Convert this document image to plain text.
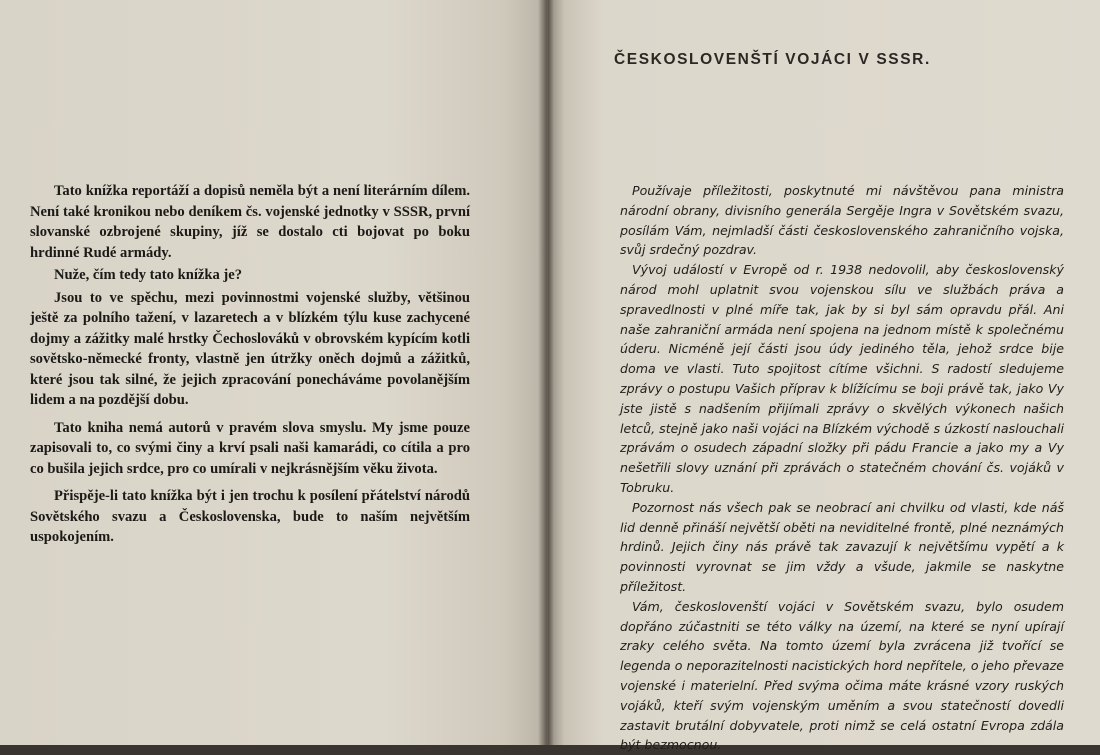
Tato knížka reportáží a dopisů neměla být a není literárním dílem. Není také kronikou nebo deníkem čs. vojenské jednotky v SSSR, první slovanské ozbrojené skupiny, jíž se dostalo cti bojovat po boku hrdinné Rudé armády.

Nuže, čím tedy tato knížka je?

Jsou to ve spěchu, mezi povinnostmi vojenské služby, většinou ještě za polního tažení, v lazaretech a v blízkém týlu kuse zachycené dojmy a zážitky malé hrstky Čechoslováků v obrovském kypícím kotli sovětsko-německé fronty, vlastně jen útržky oněch dojmů a zážitků, které jsou tak silné, že jejich zpracování ponecháváme povolanějším lidem a na pozdější dobu.

Tato kniha nemá autorů v pravém slova smyslu. My jsme pouze zapisovali to, co svými činy a krví psali naši kamarádi, co cítila a pro co bušila jejich srdce, pro co umírali v nejkrásnějším věku života.

Přispěje-li tato knížka být i jen trochu k posílení přátelství národů Sovětského svazu a Československa, bude to naším největším uspokojením.

ČESKOSLOVENŠTÍ VOJÁCI V SSSR.

Používaje příležitosti, poskytnuté mi návštěvou pana ministra národní obrany, divisního generála Sergěje Ingra v Sovětském svazu, posílám Vám, nejmladší části československého zahraničního vojska, svůj srdečný pozdrav.

Vývoj událostí v Evropě od r. 1938 nedovolil, aby československý národ mohl uplatnit svou vojenskou sílu ve službách práva a spravedlnosti v plné míře tak, jak by si byl sám opravdu přál. Ani naše zahraniční armáda není spojena na jednom místě k společnému úderu. Nicméně její části jsou údy jediného těla, jehož srdce bije doma ve vlasti. Tuto spojitost cítíme všichni. S radostí sledujeme zprávy o postupu Vašich příprav k blížícímu se boji právě tak, jako Vy jste jistě s nadšením přijímali zprávy o skvělých výkonech našich letců, stejně jako naši vojáci na Blízkém východě s úzkostí naslouchali zprávám o osudech západní složky při pádu Francie a jako my a Vy nešetřili slovy uznání při zprávách o statečném chování čs. vojáků v Tobruku.

Pozornost nás všech pak se neobrací ani chvilku od vlasti, kde náš lid denně přináší největší oběti na neviditelné frontě, plné neznámých hrdinů. Jejich činy nás právě tak zavazují k největšímu vypětí a k povinnosti vyrovnat se jim vždy a všude, jakmile se naskytne příležitost.

Vám, českoslovenští vojáci v Sovětském svazu, bylo osudem dopřáno zúčastniti se této války na území, na které se nyní upírají zraky celého světa. Na tomto území byla zvrácena již tvořící se legenda o neporazitelnosti nacistických hord nepřítele, o jeho převaze vojenské i materielní. Před svýma očima máte krásné vzory ruských vojáků, kteří svým vojenským uměním a svou statečností dovedli zastavit brutální dobyvatele, proti nimž se celá ostatní Evropa zdála být bezmocnou.
